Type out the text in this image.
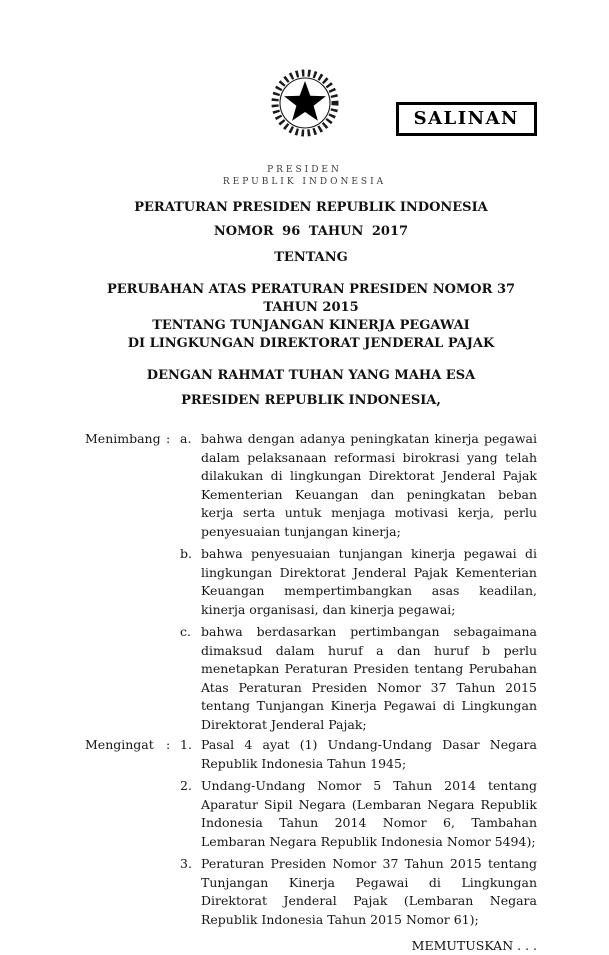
SALINAN
PRESIDEN
REPUBLIK INDONESIA
PERATURAN PRESIDEN REPUBLIK INDONESIA
NOMOR 96 TAHUN 2017
TENTANG
PERUBAHAN ATAS PERATURAN PRESIDEN NOMOR 37 TAHUN 2015
TENTANG TUNJANGAN KINERJA PEGAWAI
DI LINGKUNGAN DIREKTORAT JENDERAL PAJAK
DENGAN RAHMAT TUHAN YANG MAHA ESA
PRESIDEN REPUBLIK INDONESIA,
Menimbang : a. bahwa dengan adanya peningkatan kinerja pegawai dalam pelaksanaan reformasi birokrasi yang telah dilakukan di lingkungan Direktorat Jenderal Pajak Kementerian Keuangan dan peningkatan beban kerja serta untuk menjaga motivasi kerja, perlu penyesuaian tunjangan kinerja;
b. bahwa penyesuaian tunjangan kinerja pegawai di lingkungan Direktorat Jenderal Pajak Kementerian Keuangan mempertimbangkan asas keadilan, kinerja organisasi, dan kinerja pegawai;
c. bahwa berdasarkan pertimbangan sebagaimana dimaksud dalam huruf a dan huruf b perlu menetapkan Peraturan Presiden tentang Perubahan Atas Peraturan Presiden Nomor 37 Tahun 2015 tentang Tunjangan Kinerja Pegawai di Lingkungan Direktorat Jenderal Pajak;
Mengingat : 1. Pasal 4 ayat (1) Undang-Undang Dasar Negara Republik Indonesia Tahun 1945;
2. Undang-Undang Nomor 5 Tahun 2014 tentang Aparatur Sipil Negara (Lembaran Negara Republik Indonesia Tahun 2014 Nomor 6, Tambahan Lembaran Negara Republik Indonesia Nomor 5494);
3. Peraturan Presiden Nomor 37 Tahun 2015 tentang Tunjangan Kinerja Pegawai di Lingkungan Direktorat Jenderal Pajak (Lembaran Negara Republik Indonesia Tahun 2015 Nomor 61);
MEMUTUSKAN . . .
